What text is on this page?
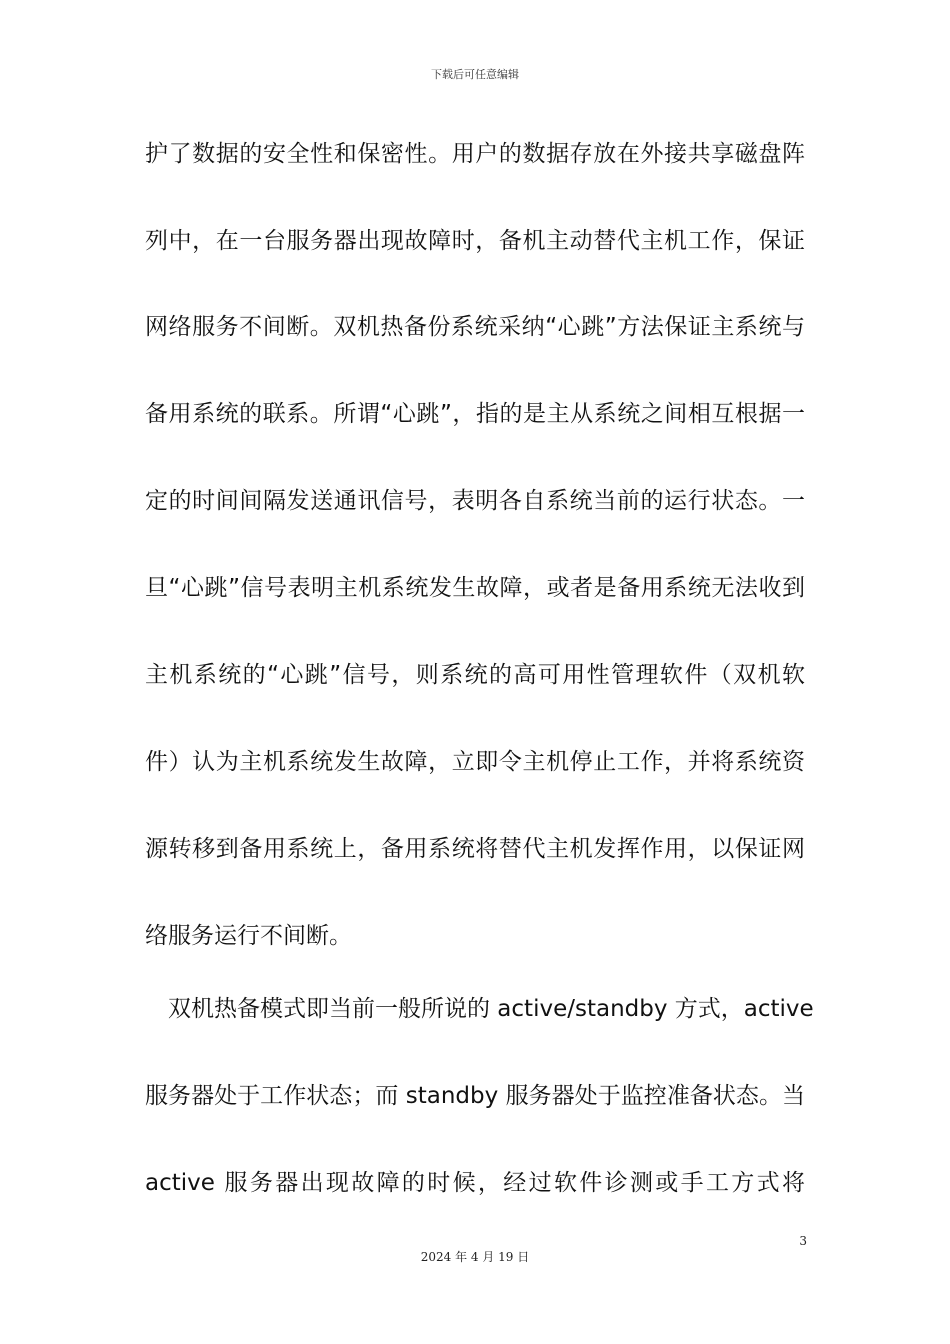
下载后可任意编辑
护了数据的安全性和保密性。用户的数据存放在外接共享磁盘阵
列中，在一台服务器出现故障时，备机主动替代主机工作，保证
网络服务不间断。双机热备份系统采纳“心跳”方法保证主系统与
备用系统的联系。所谓“心跳”，指的是主从系统之间相互根据一
定的时间间隔发送通讯信号，表明各自系统当前的运行状态。一
旦“心跳”信号表明主机系统发生故障，或者是备用系统无法收到
主机系统的“心跳”信号，则系统的高可用性管理软件（双机软
件）认为主机系统发生故障，立即令主机停止工作，并将系统资
源转移到备用系统上，备用系统将替代主机发挥作用，以保证网
络服务运行不间断。
　双机热备模式即当前一般所说的 active/standby 方式，active
服务器处于工作状态；而 standby 服务器处于监控准备状态。当
active 服务器出现故障的时候，经过软件诊测或手工方式将
3
2024 年 4 月 19 日
